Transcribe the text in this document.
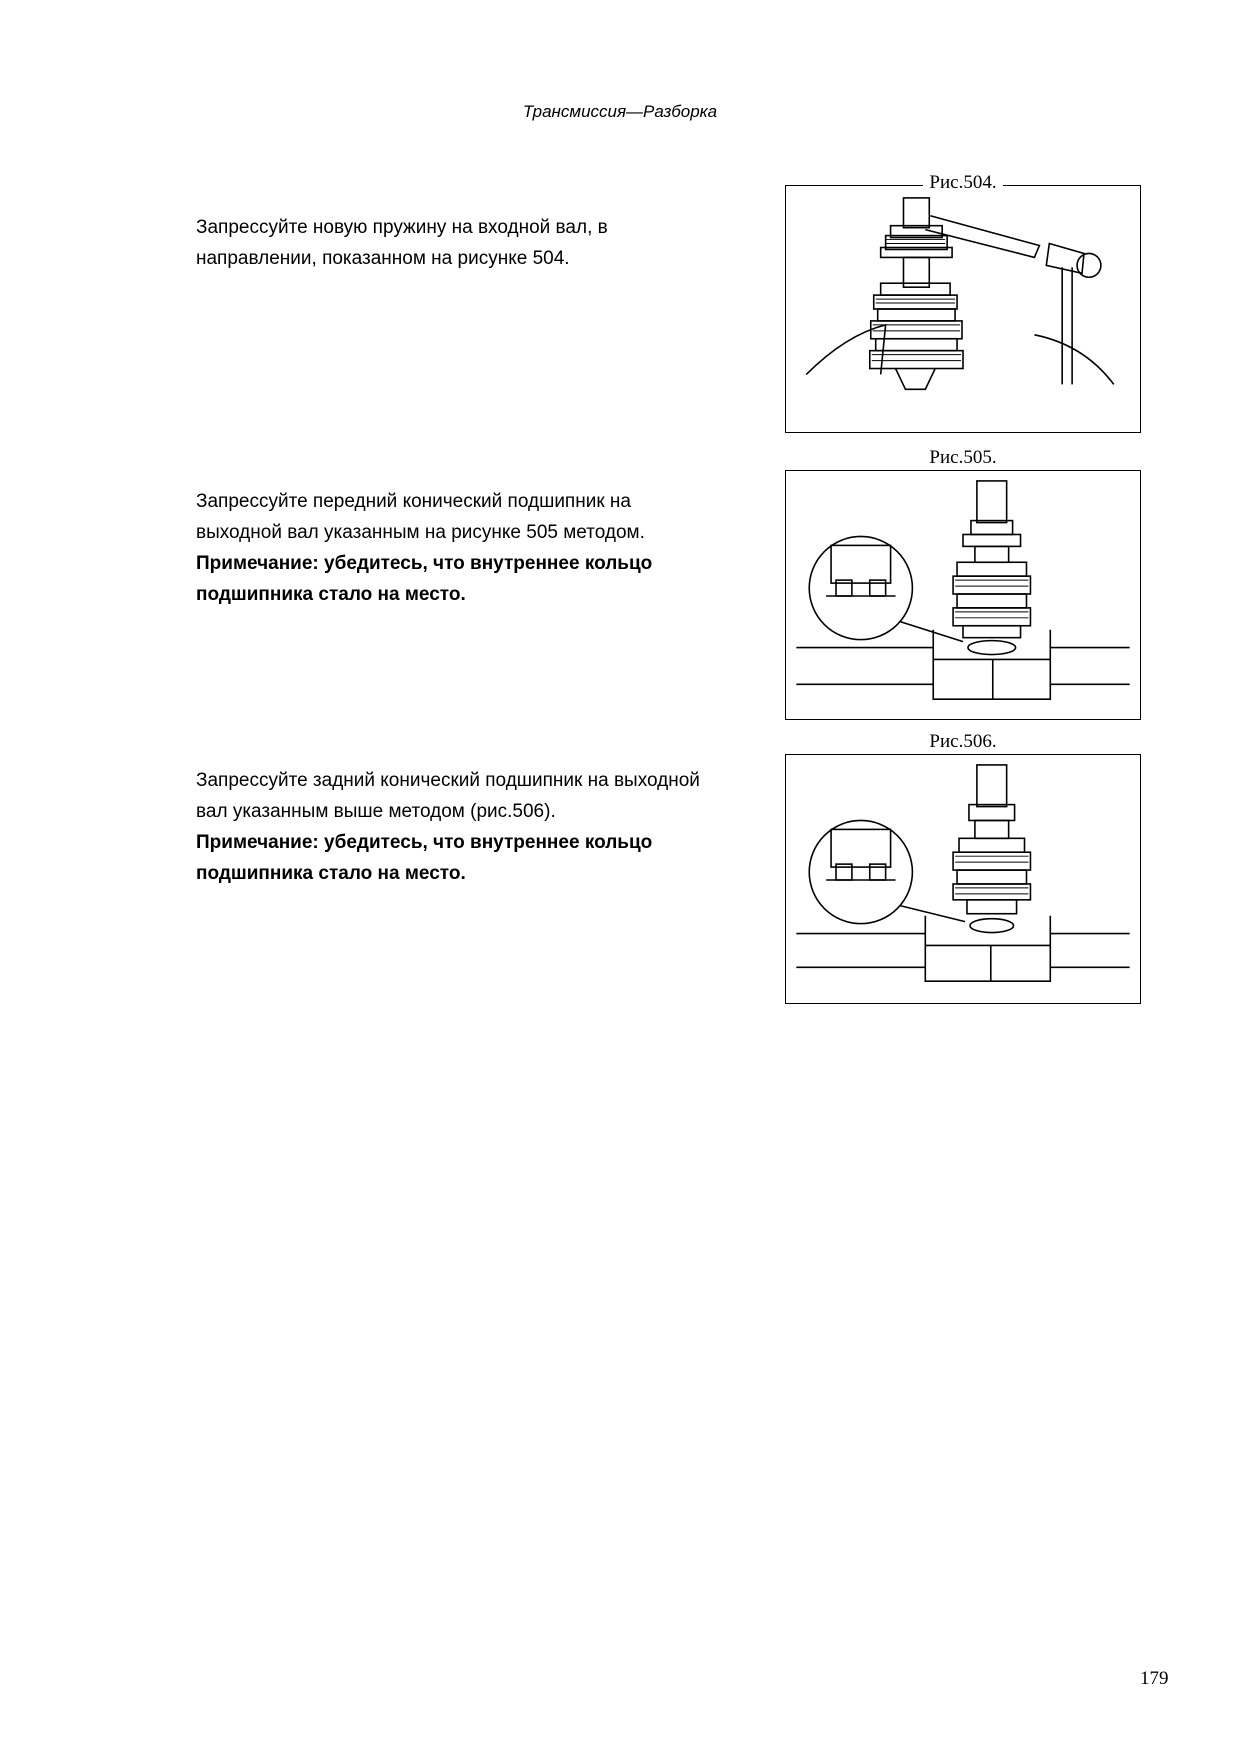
Трансмиссия—Разборка

Запрессуйте новую пружину на входной вал, в

направлении, показанном на рисунке 504.

Рис.504.

Запрессуйте передний конический подшипник на

выходной вал указанным на рисунке 505 методом.

Примечание: убедитесь, что внутреннее кольцо

подшипника стало на место.

Рис.505.

Запрессуйте задний конический подшипник на выходной

вал указанным выше методом (рис.506).

Примечание: убедитесь, что внутреннее кольцо

подшипника стало на место.

Рис.506.
179
